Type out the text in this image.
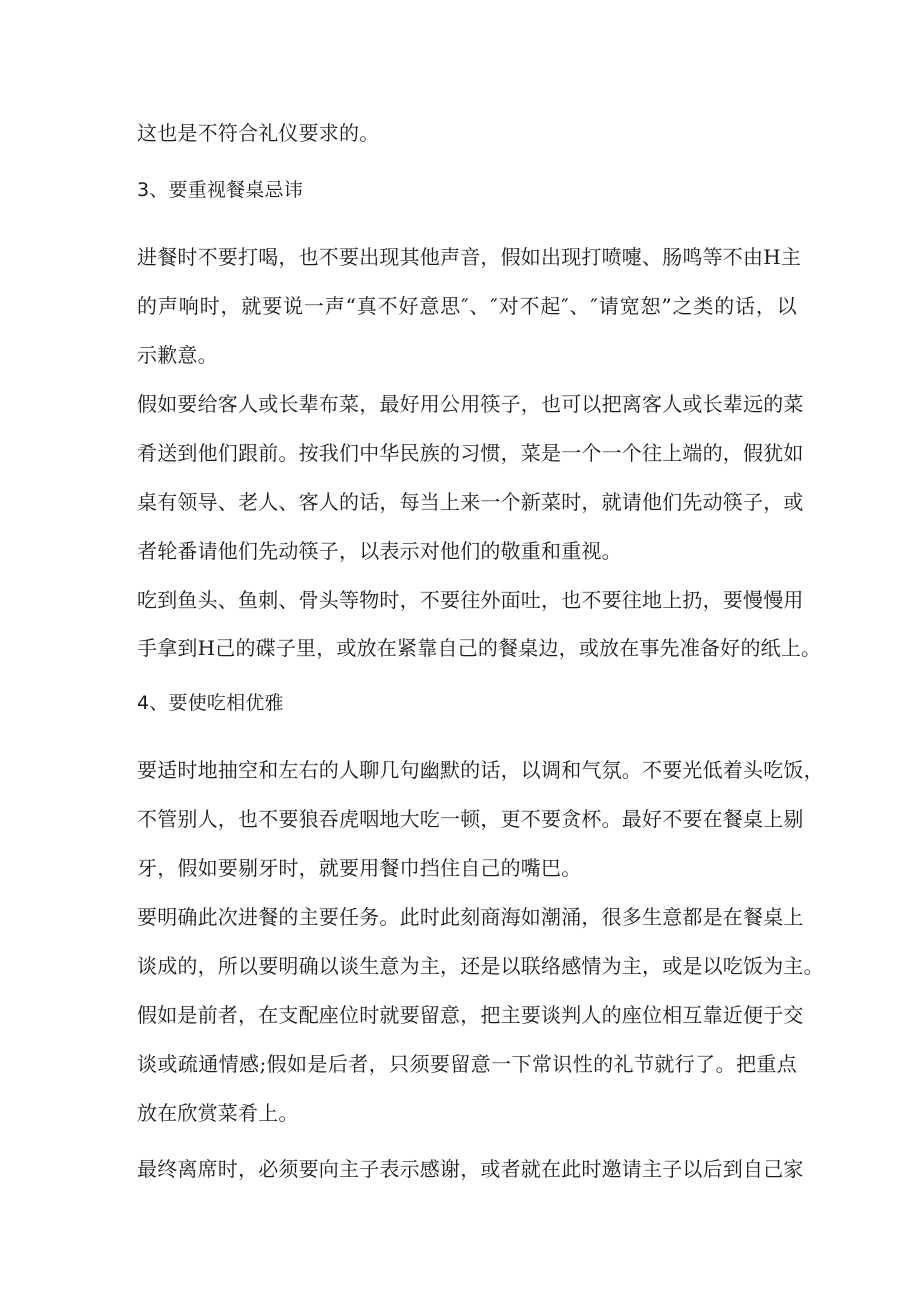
这也是不符合礼仪要求的。
3、要重视餐桌忌讳
进餐时不要打喝，也不要出现其他声音，假如出现打喷嚏、肠鸣等不由H主
的声响时，就要说一声“真不好意思″、″对不起″、″请宽恕”之类的话，以
示歉意。
假如要给客人或长辈布菜，最好用公用筷子，也可以把离客人或长辈远的菜
肴送到他们跟前。按我们中华民族的习惯，菜是一个一个往上端的，假犹如
桌有领导、老人、客人的话，每当上来一个新菜时，就请他们先动筷子，或
者轮番请他们先动筷子，以表示对他们的敬重和重视。
吃到鱼头、鱼刺、骨头等物时，不要往外面吐，也不要往地上扔，要慢慢用
手拿到H己的碟子里，或放在紧靠自己的餐桌边，或放在事先准备好的纸上。
4、要使吃相优雅
要适时地抽空和左右的人聊几句幽默的话，以调和气氛。不要光低着头吃饭，
不管别人，也不要狼吞虎咽地大吃一顿，更不要贪杯。最好不要在餐桌上剔
牙，假如要剔牙时，就要用餐巾挡住自己的嘴巴。
要明确此次进餐的主要任务。此时此刻商海如潮涌，很多生意都是在餐桌上
谈成的，所以要明确以谈生意为主，还是以联络感情为主，或是以吃饭为主。
假如是前者，在支配座位时就要留意，把主要谈判人的座位相互靠近便于交
谈或疏通情感;假如是后者，只须要留意一下常识性的礼节就行了。把重点
放在欣赏菜肴上。
最终离席时，必须要向主子表示感谢，或者就在此时邀请主子以后到自己家
